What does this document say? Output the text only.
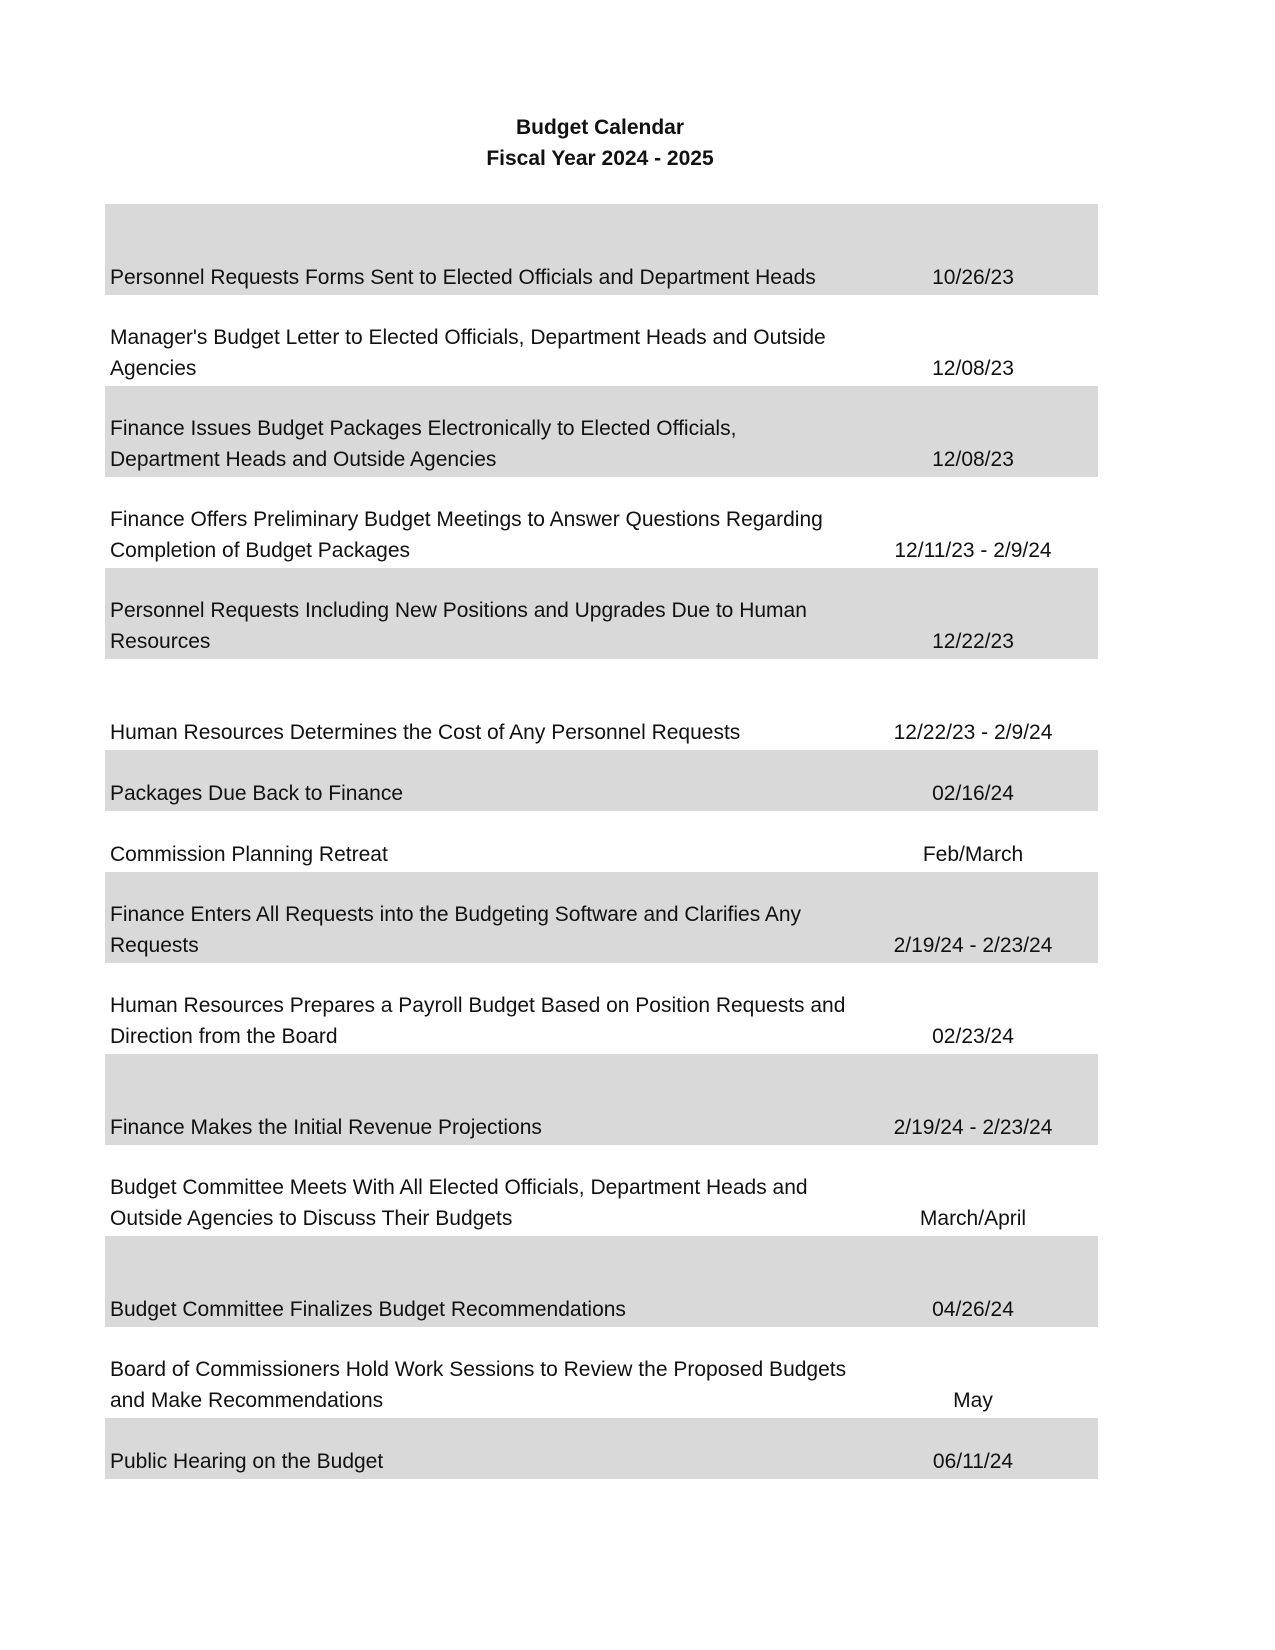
Budget Calendar
Fiscal Year 2024 - 2025
Personnel Requests Forms Sent to Elected Officials and Department Heads	10/26/23
Manager's Budget Letter to Elected Officials, Department Heads and Outside Agencies	12/08/23
Finance Issues Budget Packages Electronically to Elected Officials, Department Heads and Outside Agencies	12/08/23
Finance Offers Preliminary Budget Meetings to Answer Questions Regarding Completion of Budget Packages	12/11/23 - 2/9/24
Personnel Requests Including New Positions and Upgrades Due to Human Resources	12/22/23
Human Resources Determines the Cost of Any Personnel Requests	12/22/23 - 2/9/24
Packages Due Back to Finance	02/16/24
Commission Planning Retreat	Feb/March
Finance Enters All Requests into the Budgeting Software and Clarifies Any Requests	2/19/24 - 2/23/24
Human Resources Prepares a Payroll Budget Based on Position Requests and Direction from the Board	02/23/24
Finance Makes the Initial Revenue Projections	2/19/24 - 2/23/24
Budget Committee Meets With All Elected Officials, Department Heads and Outside Agencies to Discuss Their Budgets	March/April
Budget Committee Finalizes Budget Recommendations	04/26/24
Board of Commissioners Hold Work Sessions to Review the Proposed Budgets and Make Recommendations	May
Public Hearing on the Budget	06/11/24
